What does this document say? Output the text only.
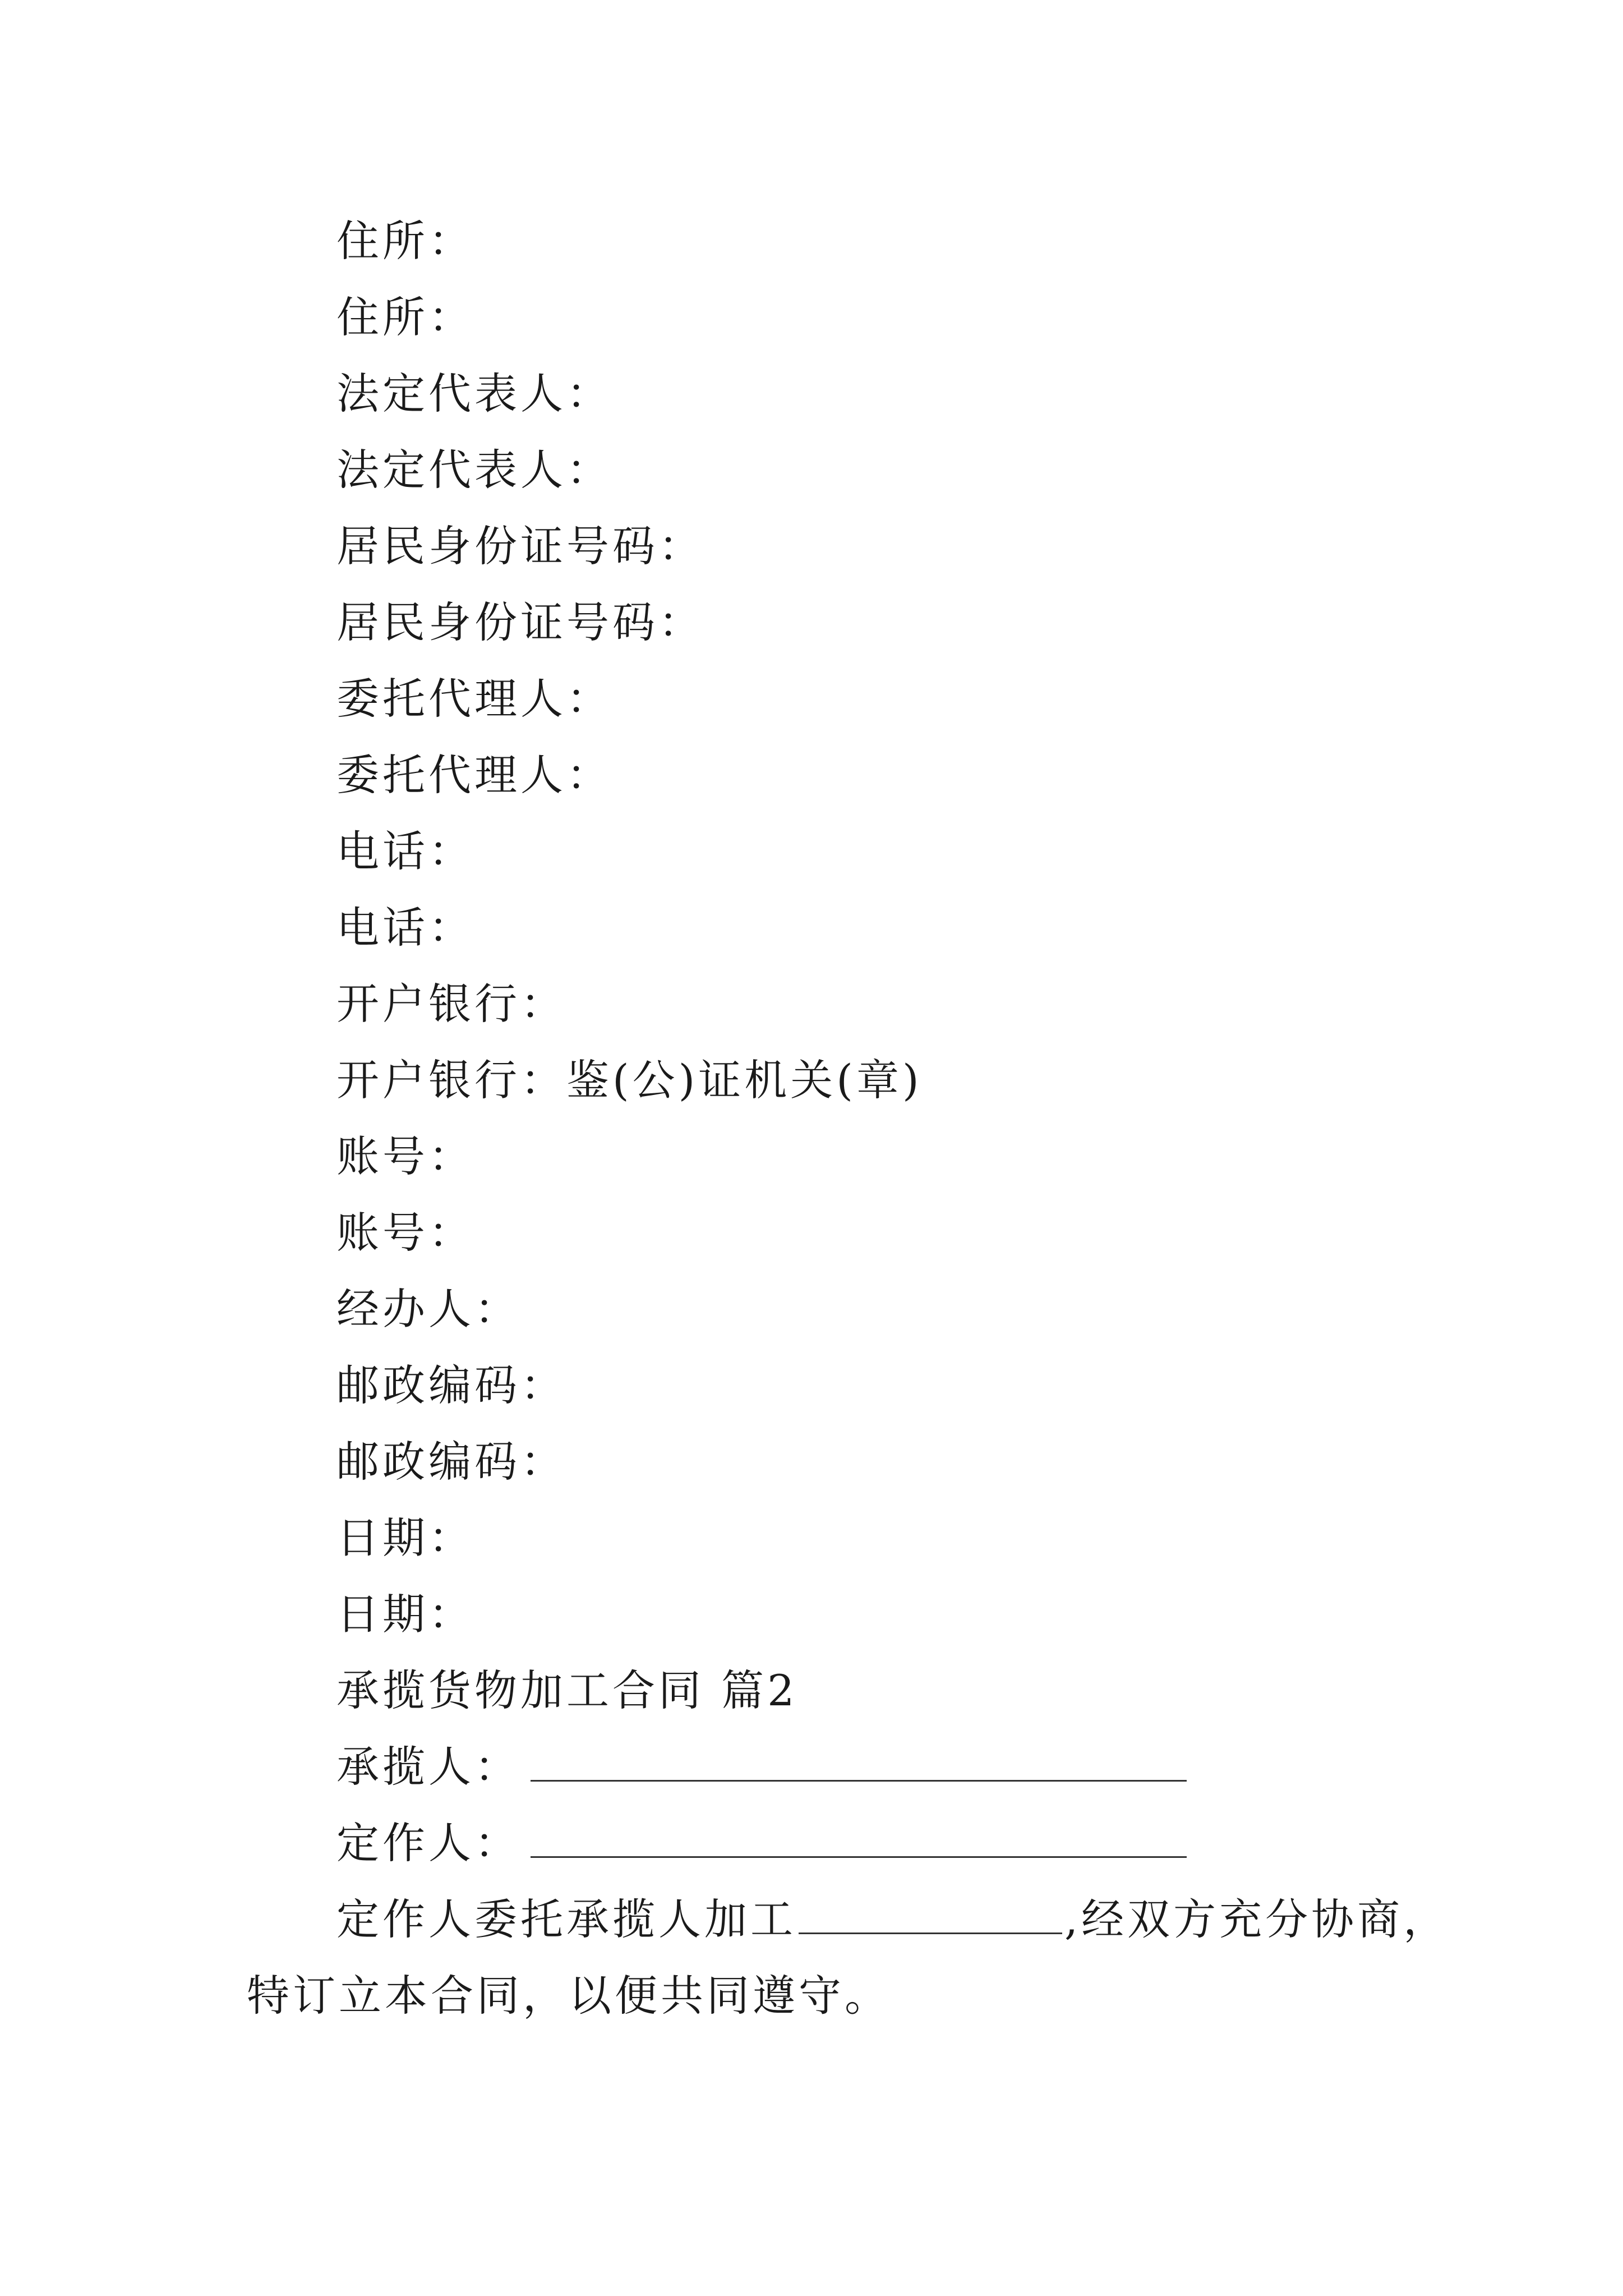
住所：
住所：
法定代表人：
法定代表人：
居民身份证号码：
居民身份证号码：
委托代理人：
委托代理人：
电话：
电话：
开户银行：
开户银行：鉴(公)证机关(章)
账号：
账号：
经办人：
邮政编码：
邮政编码：
日期：
日期：
承揽货物加工合同 篇2
承揽人：
定作人：
定作人委托承揽人加工	,经双方充分协商，
特订立本合同，以便共同遵守。
